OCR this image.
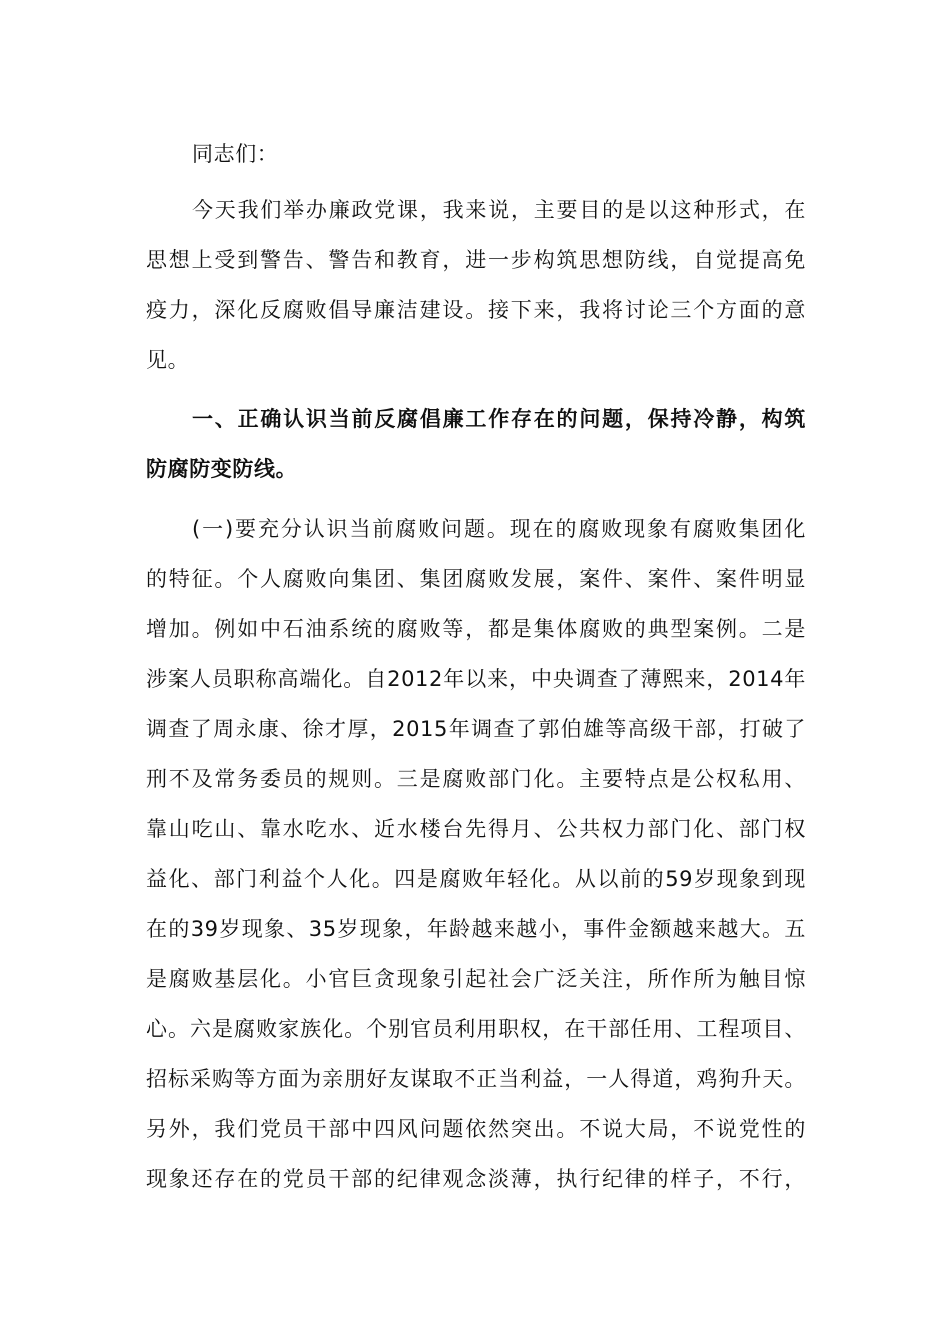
同志们：
今天我们举办廉政党课，我来说，主要目的是以这种形式，在
思想上受到警告、警告和教育，进一步构筑思想防线，自觉提高免
疫力，深化反腐败倡导廉洁建设。接下来，我将讨论三个方面的意
见。
一、正确认识当前反腐倡廉工作存在的问题，保持冷静，构筑
防腐防变防线。
(一)要充分认识当前腐败问题。现在的腐败现象有腐败集团化
的特征。个人腐败向集团、集团腐败发展，案件、案件、案件明显
增加。例如中石油系统的腐败等，都是集体腐败的典型案例。二是
涉案人员职称高端化。自2012年以来，中央调查了薄熙来，2014年
调查了周永康、徐才厚，2015年调查了郭伯雄等高级干部，打破了
刑不及常务委员的规则。三是腐败部门化。主要特点是公权私用、
靠山吃山、靠水吃水、近水楼台先得月、公共权力部门化、部门权
益化、部门利益个人化。四是腐败年轻化。从以前的59岁现象到现
在的39岁现象、35岁现象，年龄越来越小，事件金额越来越大。五
是腐败基层化。小官巨贪现象引起社会广泛关注，所作所为触目惊
心。六是腐败家族化。个别官员利用职权，在干部任用、工程项目、
招标采购等方面为亲朋好友谋取不正当利益，一人得道，鸡狗升天。
另外，我们党员干部中四风问题依然突出。不说大局，不说党性的
现象还存在的党员干部的纪律观念淡薄，执行纪律的样子，不行，
